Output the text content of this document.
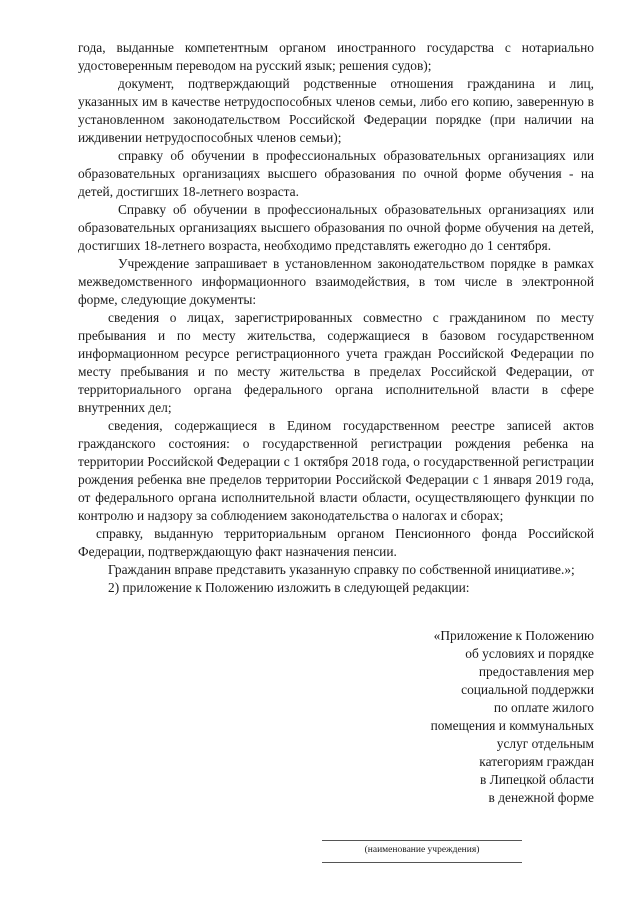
года, выданные компетентным органом иностранного государства с нотариально удостоверенным переводом на русский язык; решения судов);

документ, подтверждающий родственные отношения гражданина и лиц, указанных им в качестве нетрудоспособных членов семьи, либо его копию, заверенную в установленном законодательством Российской Федерации порядке (при наличии на иждивении нетрудоспособных членов семьи);

справку об обучении в профессиональных образовательных организациях или образовательных организациях высшего образования по очной форме обучения - на детей, достигших 18-летнего возраста.

Справку об обучении в профессиональных образовательных организациях или образовательных организациях высшего образования по очной форме обучения на детей, достигших 18-летнего возраста, необходимо представлять ежегодно до 1 сентября.

Учреждение запрашивает в установленном законодательством порядке в рамках межведомственного информационного взаимодействия, в том числе в электронной форме, следующие документы:

сведения о лицах, зарегистрированных совместно с гражданином по месту пребывания и по месту жительства, содержащиеся в базовом государственном информационном ресурсе регистрационного учета граждан Российской Федерации по месту пребывания и по месту жительства в пределах Российской Федерации, от территориального органа федерального органа исполнительной власти в сфере внутренних дел;

сведения, содержащиеся в Едином государственном реестре записей актов гражданского состояния: о государственной регистрации рождения ребенка на территории Российской Федерации с 1 октября 2018 года, о государственной регистрации рождения ребенка вне пределов территории Российской Федерации с 1 января 2019 года, от федерального органа исполнительной власти области, осуществляющего функции по контролю и надзору за соблюдением законодательства о налогах и сборах;

справку, выданную территориальным органом Пенсионного фонда Российской Федерации, подтверждающую факт назначения пенсии.

Гражданин вправе представить указанную справку по собственной инициативе.»;

2) приложение к Положению изложить в следующей редакции:

«Приложение к Положению
об условиях и порядке
предоставления мер
социальной поддержки
по оплате жилого
помещения и коммунальных
услуг отдельным
категориям граждан
в Липецкой области
в денежной форме
(наименование учреждения)
